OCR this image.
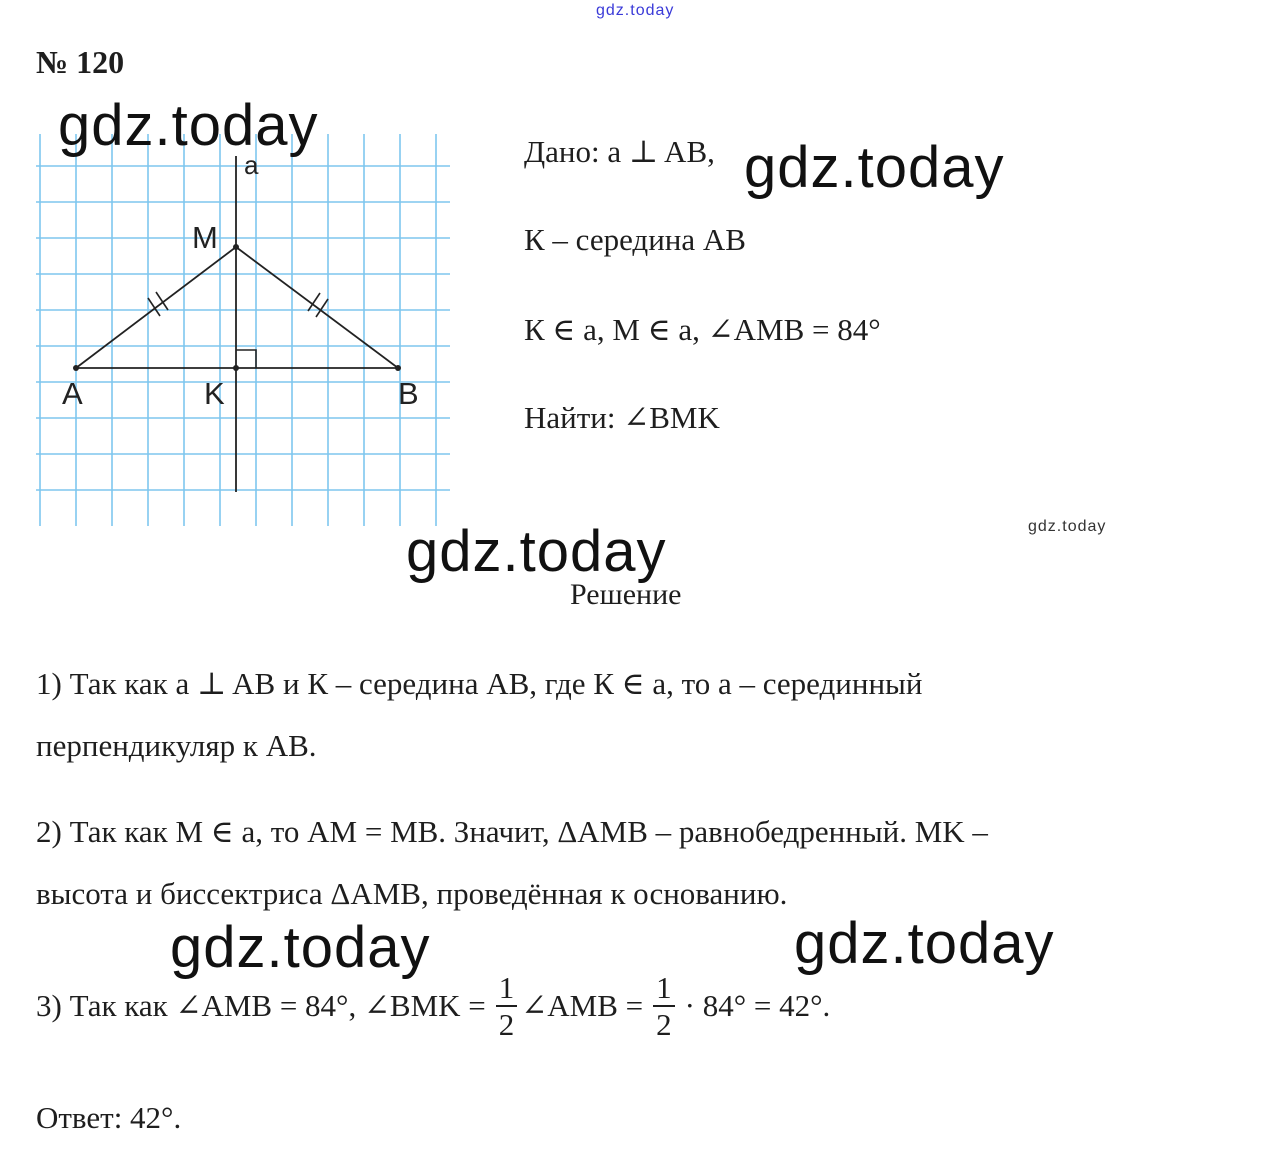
gdz.today
№ 120
a
M
A	K	B
Дано: a ⊥ AB,
К – середина AB
К ∈ a, M ∈ a, ∠AMB = 84°
Найти: ∠BMK
Решение
1) Так как a ⊥ AB и К – середина AB, где К ∈ a, то a – серединный
перпендикуляр к AB.
2) Так как M ∈ a, то AM = MB. Значит, ΔAMB – равнобедренный. MK –
высота и биссектриса ΔAMB, проведённая к основанию.
3) Так как ∠AMB = 84°, ∠BMK = $\frac{1}{2}$ ∠AMB = $\frac{1}{2} \cdot 84^\circ = 42^\circ$.
Ответ: 42°.
gdz.today
gdz.today
gdz.today
gdz.today	gdz.today
gdz.today
